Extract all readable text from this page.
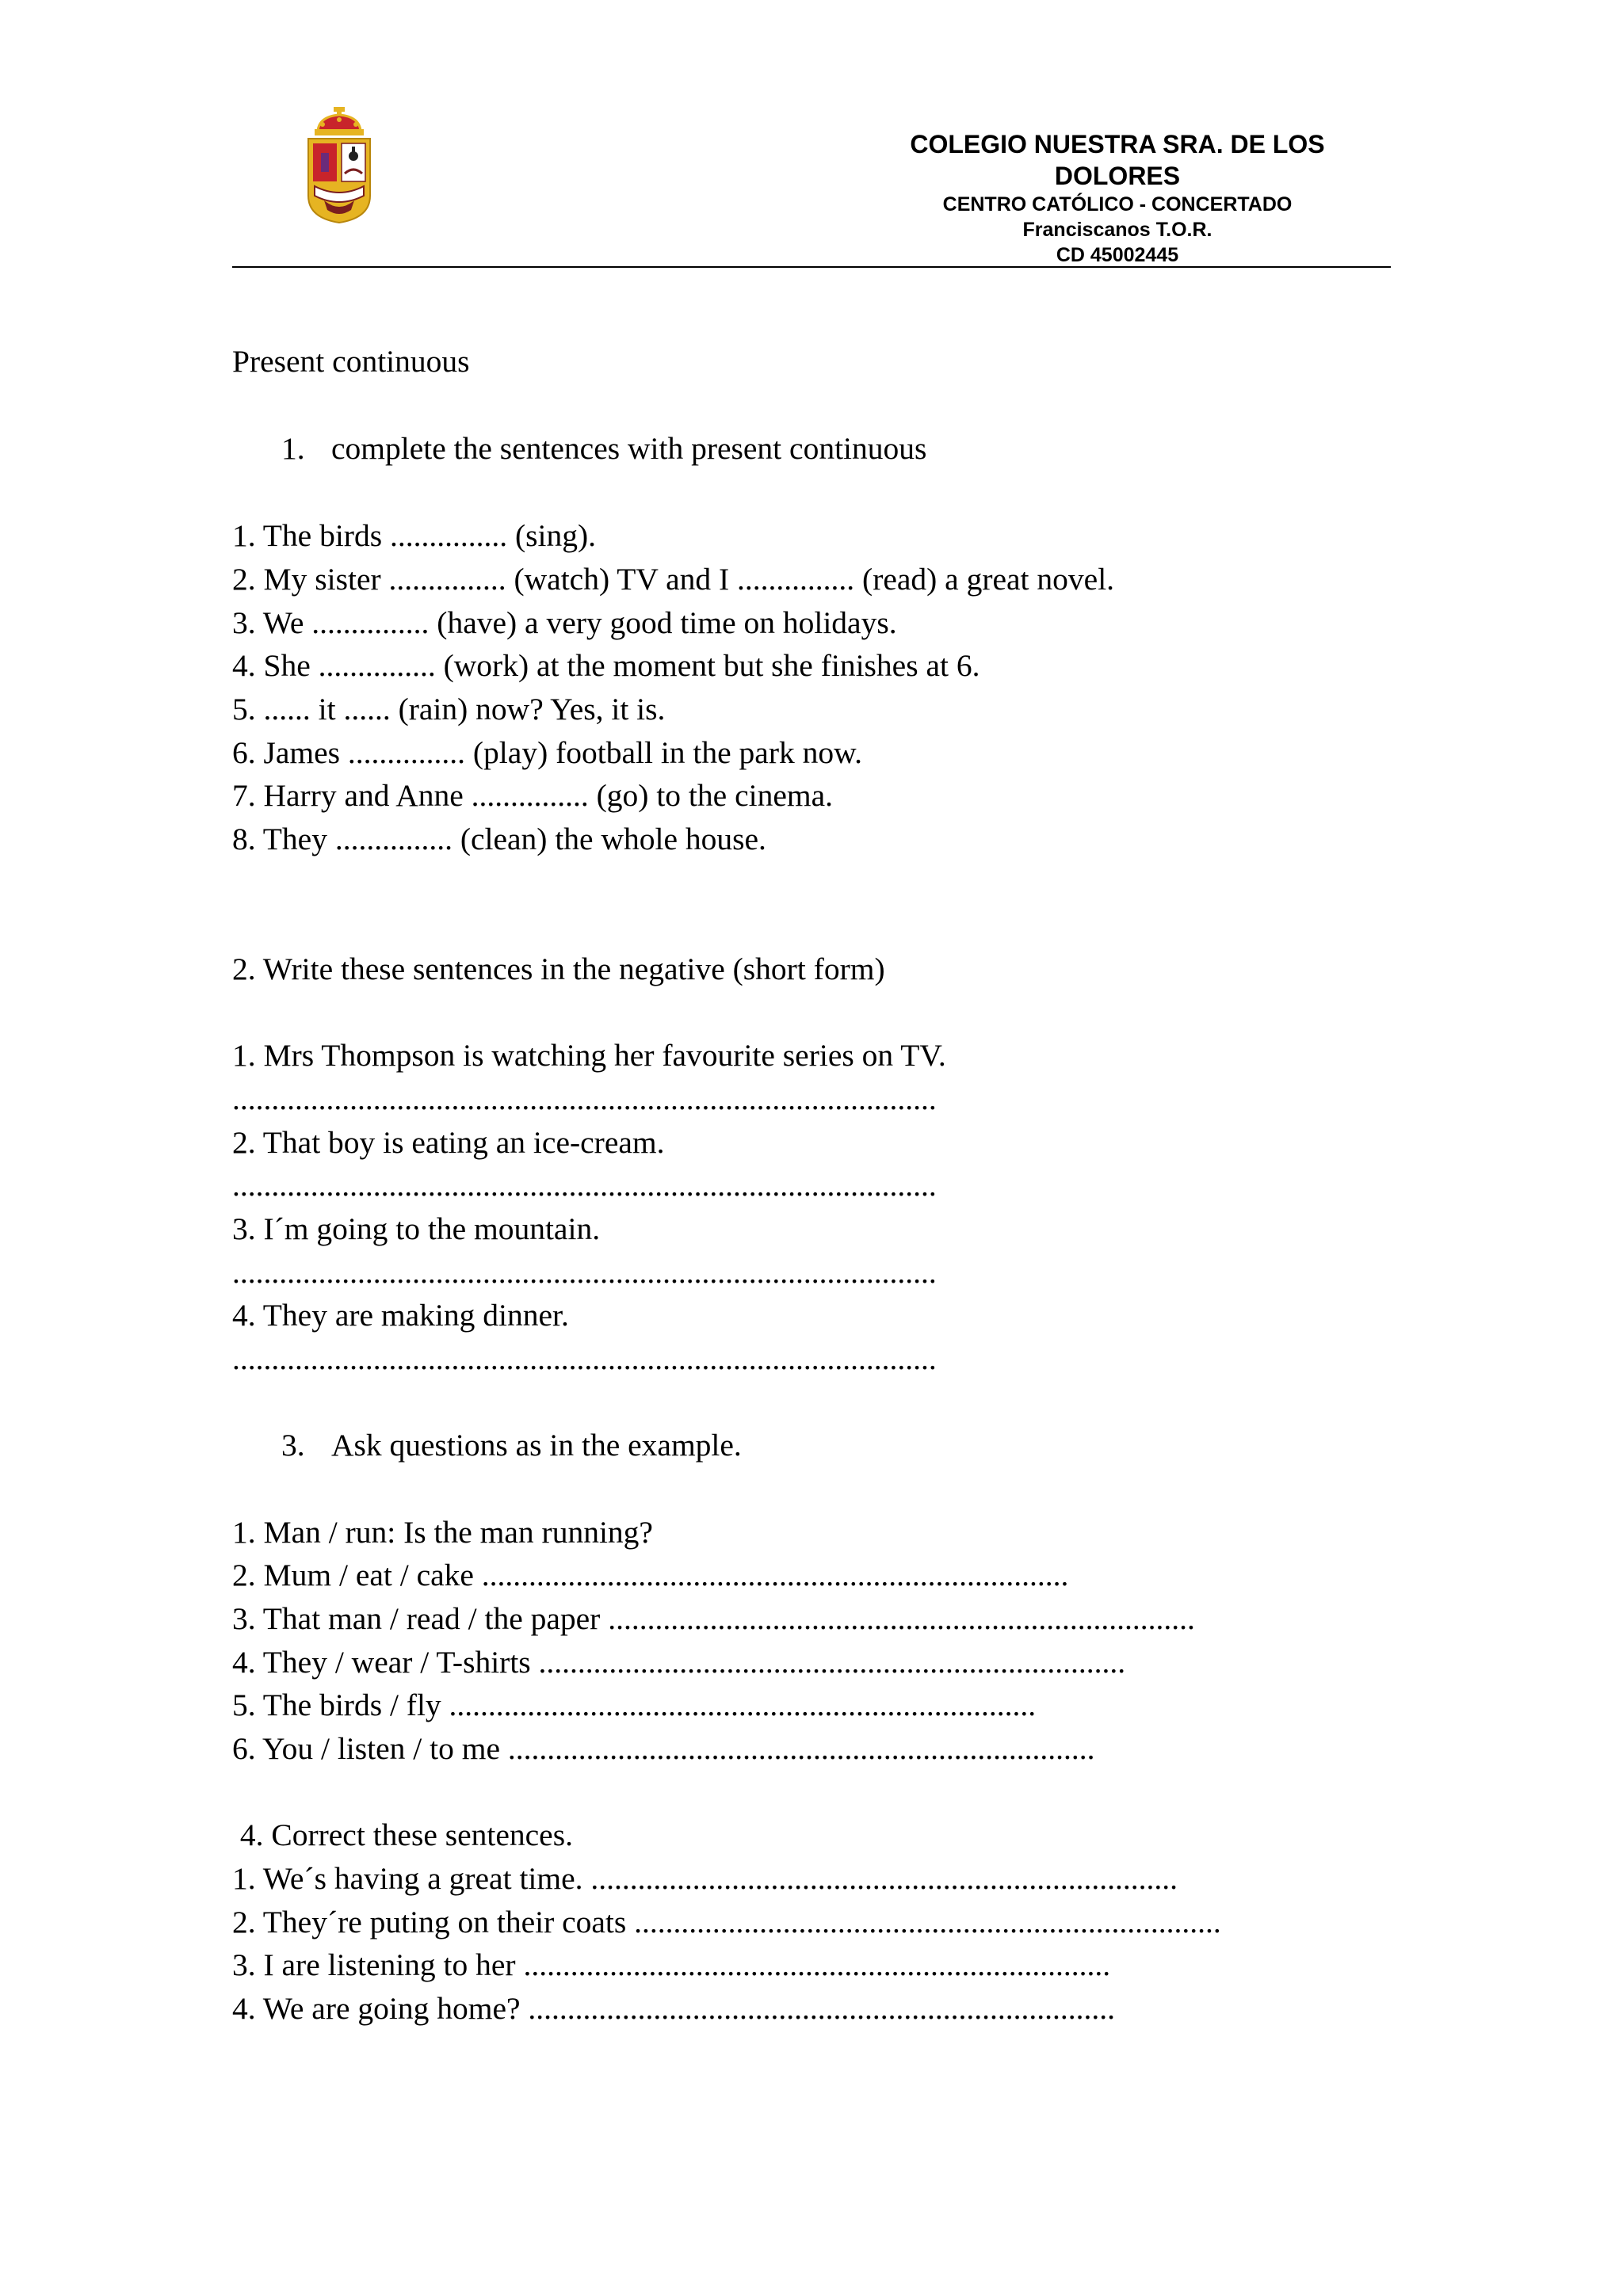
COLEGIO NUESTRA SRA. DE LOS
DOLORES
CENTRO CATÓLICO - CONCERTADO
Franciscanos T.O.R.
CD 45002445
Present continuous
1. complete the sentences with present continuous
1. The birds ............... (sing).
2. My sister ............... (watch) TV and I ............... (read) a great novel.
3. We ............... (have) a very good time on holidays.
4. She ............... (work) at the moment but she finishes at 6.
5. ...... it ...... (rain) now? Yes, it is.
6. James ............... (play) football in the park now.
7. Harry and Anne ............... (go) to the cinema.
8. They ............... (clean) the whole house.
2. Write these sentences in the negative (short form)
1. Mrs Thompson is watching her favourite series on TV.
..........................................................................................
2. That boy is eating an ice-cream.
..........................................................................................
3. I´m going to the mountain.
..........................................................................................
4. They are making dinner.
..........................................................................................
3. Ask questions as in the example.
1. Man / run: Is the man running?
2. Mum / eat / cake ...........................................................................
3. That man / read / the paper ...........................................................................
4. They / wear / T-shirts ...........................................................................
5. The birds / fly ...........................................................................
6. You / listen / to me ...........................................................................
4. Correct these sentences.
1. We´s having a great time. ...........................................................................
2. They´re puting on their coats ...........................................................................
3. I are listening to her ...........................................................................
4. We are going home? ...........................................................................
